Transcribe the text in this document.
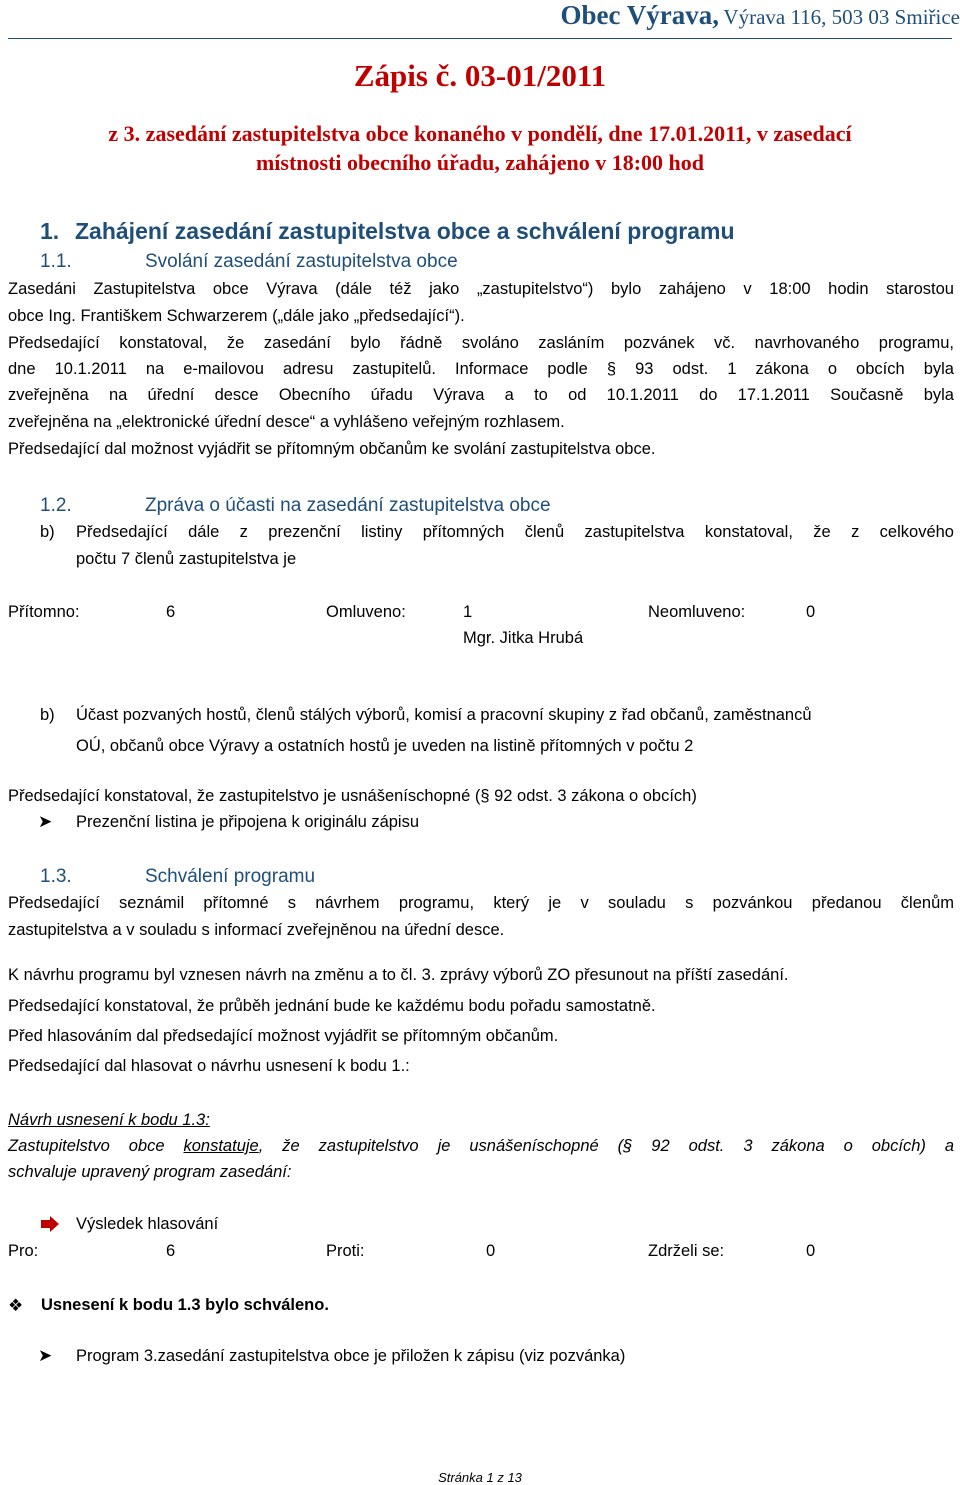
Obec Výrava, Výrava 116, 503 03 Smiřice
Zápis č. 03-01/2011
z 3. zasedání zastupitelstva obce konaného v pondělí, dne 17.01.2011, v zasedací
místnosti obecního úřadu, zahájeno v 18:00 hod
1. Zahájení zasedání zastupitelstva obce a schválení programu
1.1.	Svolání zasedání zastupitelstva obce
Zasedáni Zastupitelstva obce Výrava (dále též jako „zastupitelstvo“) bylo zahájeno v 18:00 hodin starostou
obce Ing. Františkem Schwarzerem („dále jako „předsedající“).
Předsedající konstatoval, že zasedání bylo řádně svoláno zasláním pozvánek vč. navrhovaného programu,
dne 10.1.2011 na e-mailovou adresu zastupitelů. Informace podle § 93 odst. 1 zákona o obcích byla
zveřejněna na úřední desce Obecního úřadu Výrava a to od 10.1.2011 do 17.1.2011 Současně byla
zveřejněna na „elektronické úřední desce“ a vyhlášeno veřejným rozhlasem.
Předsedající dal možnost vyjádřit se přítomným občanům ke svolání zastupitelstva obce.
1.2.	Zpráva o účasti na zasedání zastupitelstva obce
b) Předsedající dále z prezenční listiny přítomných členů zastupitelstva konstatoval, že z celkového
počtu 7 členů zastupitelstva je
Přítomno:	6	Omluveno:	1	Neomluveno:	0
Mgr. Jitka Hrubá
b) Účast pozvaných hostů, členů stálých výborů, komisí a pracovní skupiny z řad občanů, zaměstnanců
OÚ, občanů obce Výravy a ostatních hostů je uveden na listině přítomných v počtu 2
Předsedající konstatoval, že zastupitelstvo je usnášeníschopné (§ 92 odst. 3 zákona o obcích)
➤ Prezenční listina je připojena k originálu zápisu
1.3.	Schválení programu
Předsedající seznámil přítomné s návrhem programu, který je v souladu s pozvánkou předanou členům
zastupitelstva a v souladu s informací zveřejněnou na úřední desce.
K návrhu programu byl vznesen návrh na změnu a to čl. 3. zprávy výborů ZO přesunout na příští zasedání.
Předsedající konstatoval, že průběh jednání bude ke každému bodu pořadu samostatně.
Před hlasováním dal předsedající možnost vyjádřit se přítomným občanům.
Předsedající dal hlasovat o návrhu usnesení k bodu 1.:
Návrh usnesení k bodu 1.3:
Zastupitelstvo obce konstatuje, že zastupitelstvo je usnášeníschopné (§ 92 odst. 3 zákona o obcích) a
schvaluje upravený program zasedání:
Výsledek hlasování
Pro:	6	Proti:	0	Zdrželi se:	0
❖ Usnesení k bodu 1.3 bylo schváleno.
➤ Program 3.zasedání zastupitelstva obce je přiložen k zápisu (viz pozvánka)
Stránka 1 z 13
